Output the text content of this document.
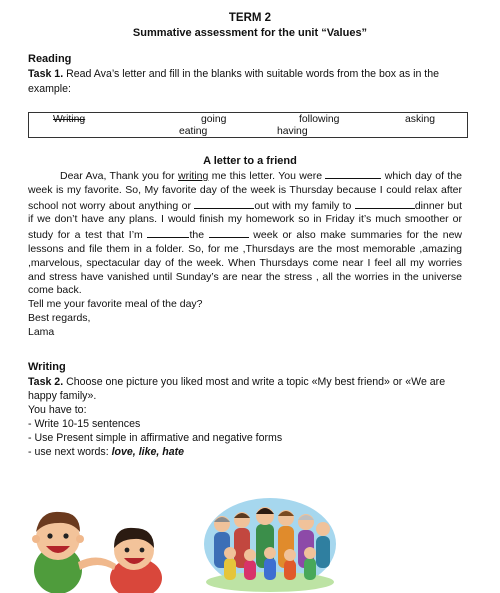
TERM 2
Summative assessment for the unit “Values”
Reading
Task 1. Read Ava’s letter and fill in the blanks with suitable words from the box as in the example:
Writing	going	following	asking
eating	having
A letter to a friend

Dear Ava, Thank you for writing me this letter. You were	which day of the week is my favorite. So, My favorite day of the week is Thursday because I could relax after school not worry about anything or	out with my family to	dinner but if we don’t have any plans. I would finish my homework so in Friday it’s much smoother or study for a test that I’m	the	week or also make summaries for the new lessons and file them in a folder. So, for me ,Thursdays are the most memorable ,amazing ,marvelous, spectacular day of the week. When Thursdays come near I feel all my worries and stress have vanished until Sunday’s are near the stress , all the worries in the universe come back.

Tell me your favorite meal of the day?

Best regards,

Lama

Writing
Task 2. Choose one picture you liked most and write a topic «My best friend» or «We are happy family».
You have to:
- Write 10-15 sentences
- Use Present simple in affirmative and negative forms
- use next words: love, like, hate
